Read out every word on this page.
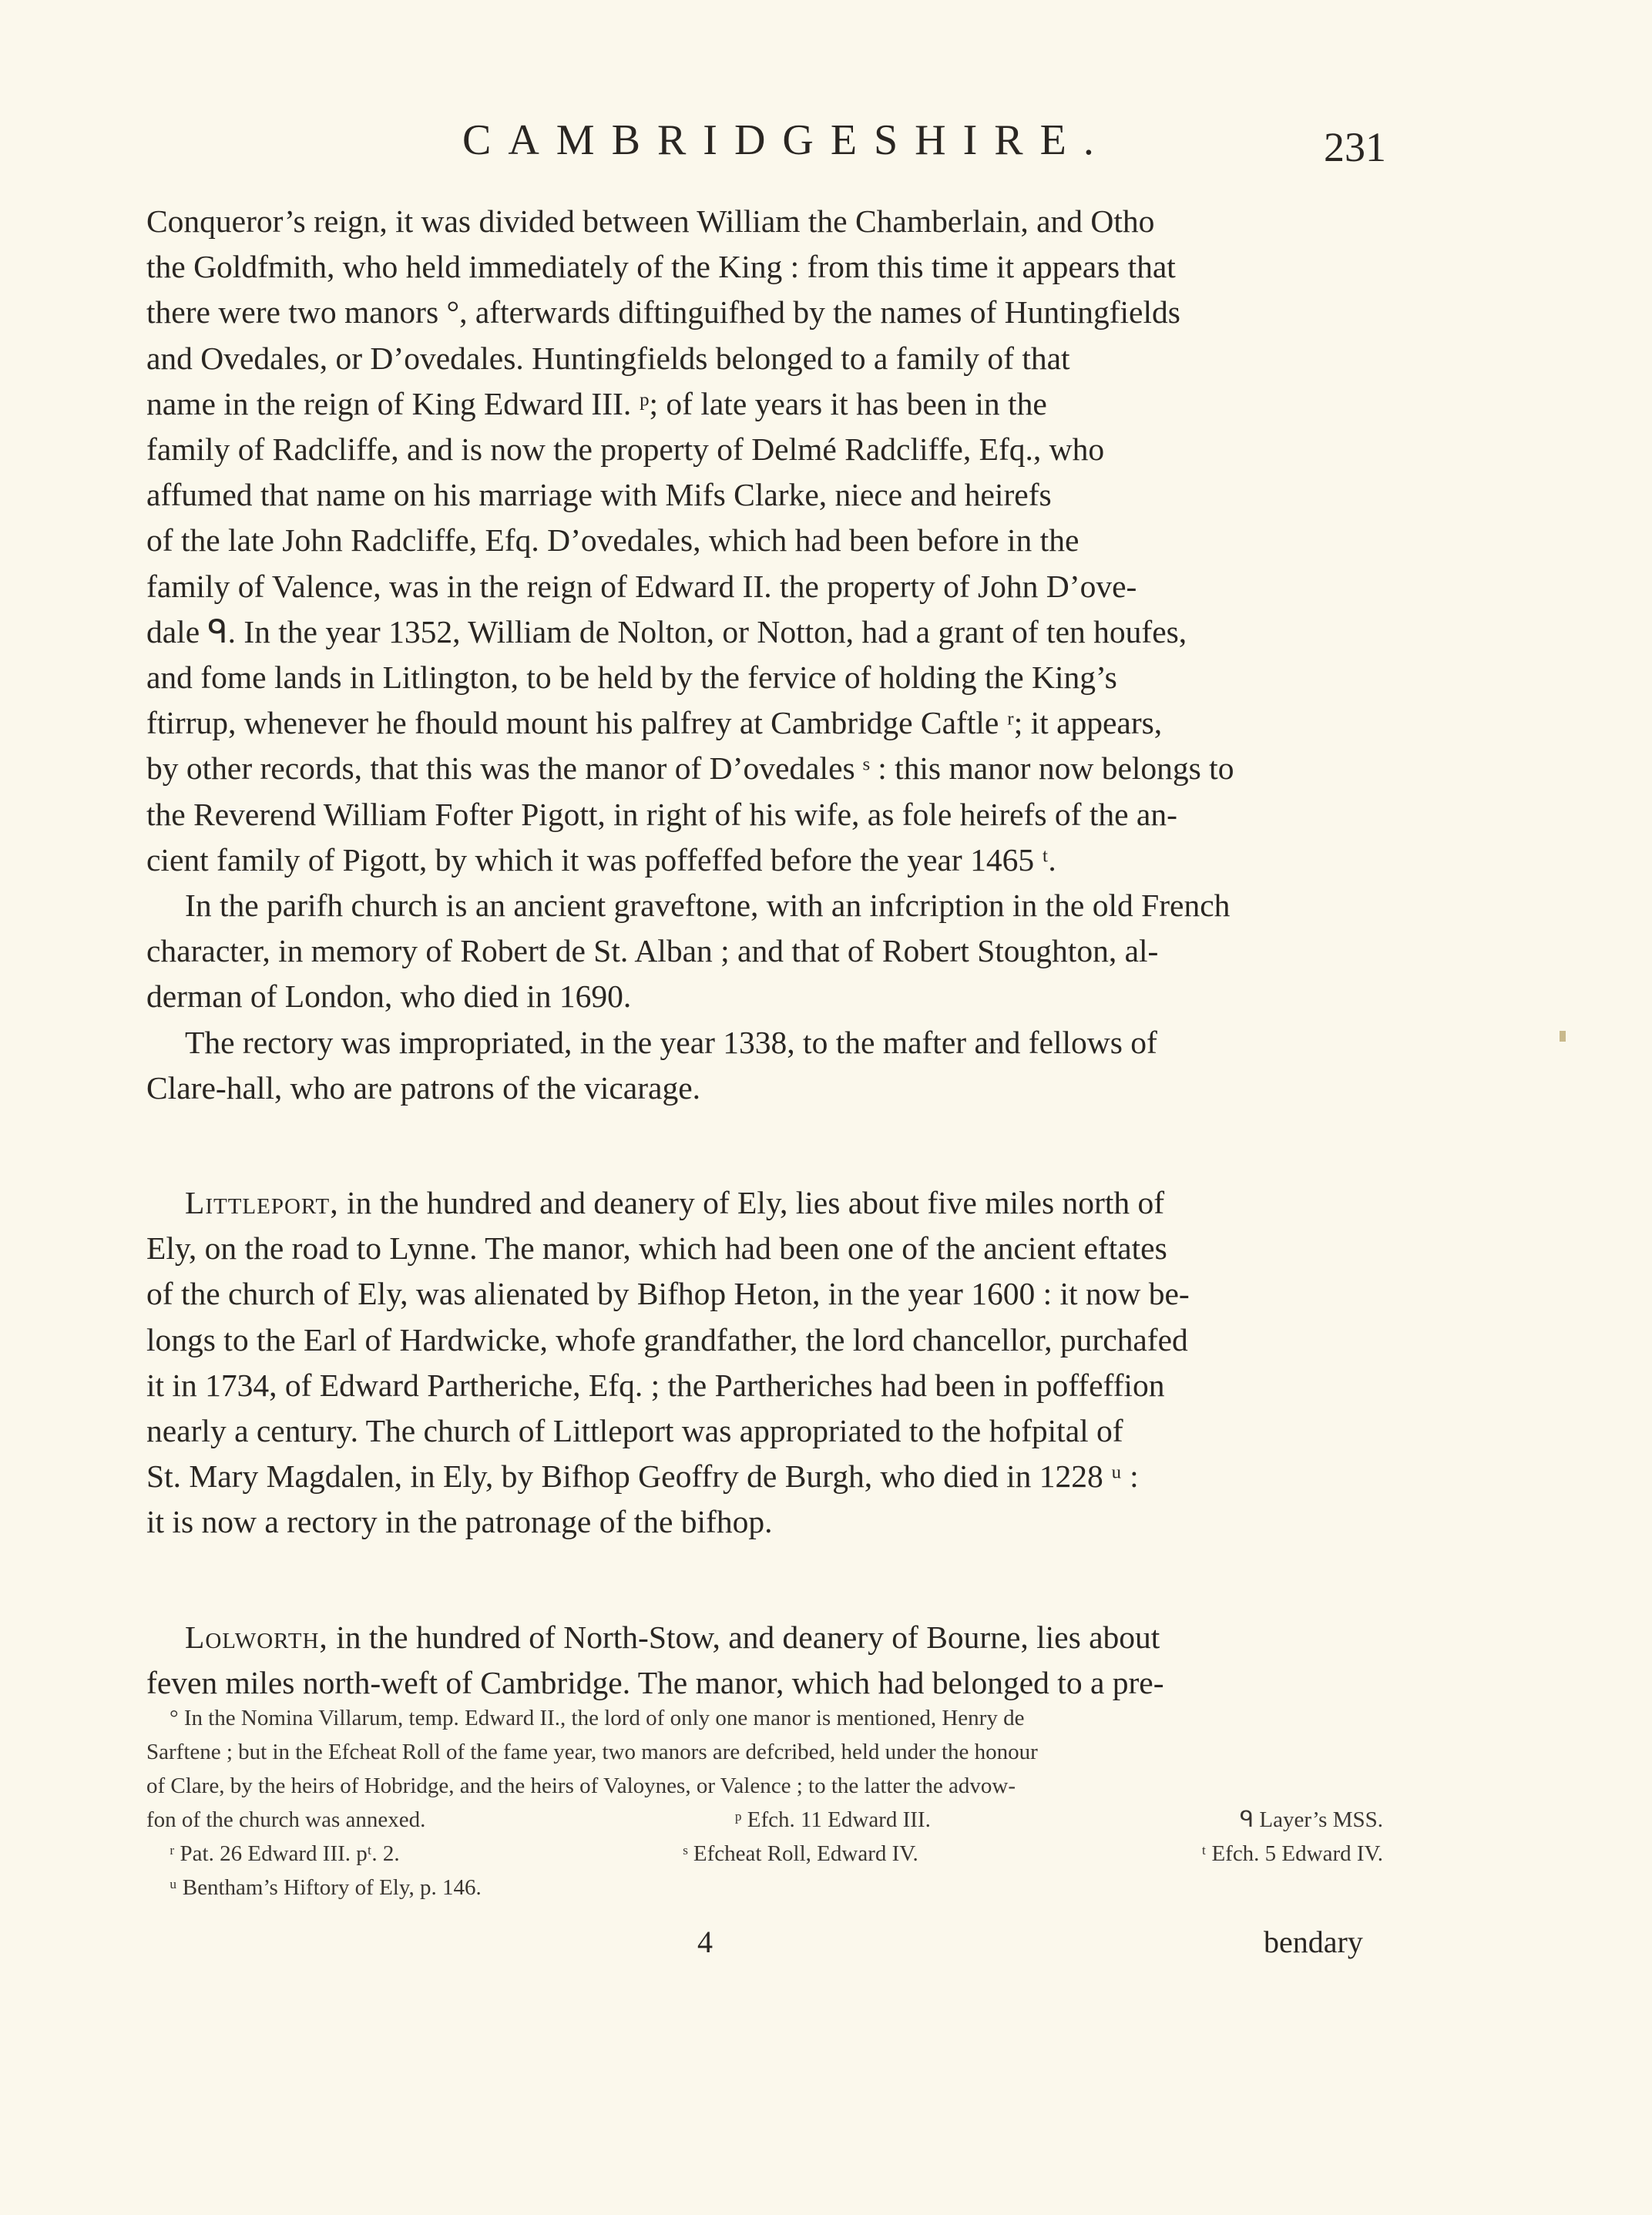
CAMBRIDGESHIRE.	231
Conqueror’s reign, it was divided between William the Chamberlain, and Otho
the Goldfmith, who held immediately of the King : from this time it appears that
there were two manors °, afterwards diftinguifhed by the names of Huntingfields
and Ovedales, or D’ovedales. Huntingfields belonged to a family of that
name in the reign of King Edward III. ᵖ; of late years it has been in the
family of Radcliffe, and is now the property of Delmé Radcliffe, Efq., who
affumed that name on his marriage with Mifs Clarke, niece and heirefs
of the late John Radcliffe, Efq. D’ovedales, which had been before in the
family of Valence, was in the reign of Edward II. the property of John D’ove-
dale ᑫ. In the year 1352, William de Nolton, or Notton, had a grant of ten houfes,
and fome lands in Litlington, to be held by the fervice of holding the King’s
ftirrup, whenever he fhould mount his palfrey at Cambridge Caftle ʳ; it appears,
by other records, that this was the manor of D’ovedales ˢ : this manor now belongs to
the Reverend William Fofter Pigott, in right of his wife, as fole heirefs of the an-
cient family of Pigott, by which it was poffeffed before the year 1465 ᵗ.
In the parifh church is an ancient graveftone, with an infcription in the old French
character, in memory of Robert de St. Alban ; and that of Robert Stoughton, al-
derman of London, who died in 1690.
The rectory was impropriated, in the year 1338, to the mafter and fellows of
Clare-hall, who are patrons of the vicarage.
Littleport, in the hundred and deanery of Ely, lies about five miles north of
Ely, on the road to Lynne. The manor, which had been one of the ancient eftates
of the church of Ely, was alienated by Bifhop Heton, in the year 1600 : it now be-
longs to the Earl of Hardwicke, whofe grandfather, the lord chancellor, purchafed
it in 1734, of Edward Partheriche, Efq. ; the Partheriches had been in poffeffion
nearly a century. The church of Littleport was appropriated to the hofpital of
St. Mary Magdalen, in Ely, by Bifhop Geoffry de Burgh, who died in 1228 ᵘ :
it is now a rectory in the patronage of the bifhop.
Lolworth, in the hundred of North-Stow, and deanery of Bourne, lies about
feven miles north-weft of Cambridge. The manor, which had belonged to a pre-

° In the Nomina Villarum, temp. Edward II., the lord of only one manor is mentioned, Henry de

Sarftene ; but in the Efcheat Roll of the fame year, two manors are defcribed, held under the honour

of Clare, by the heirs of Hobridge, and the heirs of Valoynes, or Valence ; to the latter the advow-

fon of the church was annexed.	ᵖ Efch. 11 Edward III.	ᑫ Layer’s MSS.
ʳ Pat. 26 Edward III. pᵗ. 2.	ˢ Efcheat Roll, Edward IV.	ᵗ Efch. 5 Edward IV.

ᵘ Bentham’s Hiftory of Ely, p. 146.

4	bendary
